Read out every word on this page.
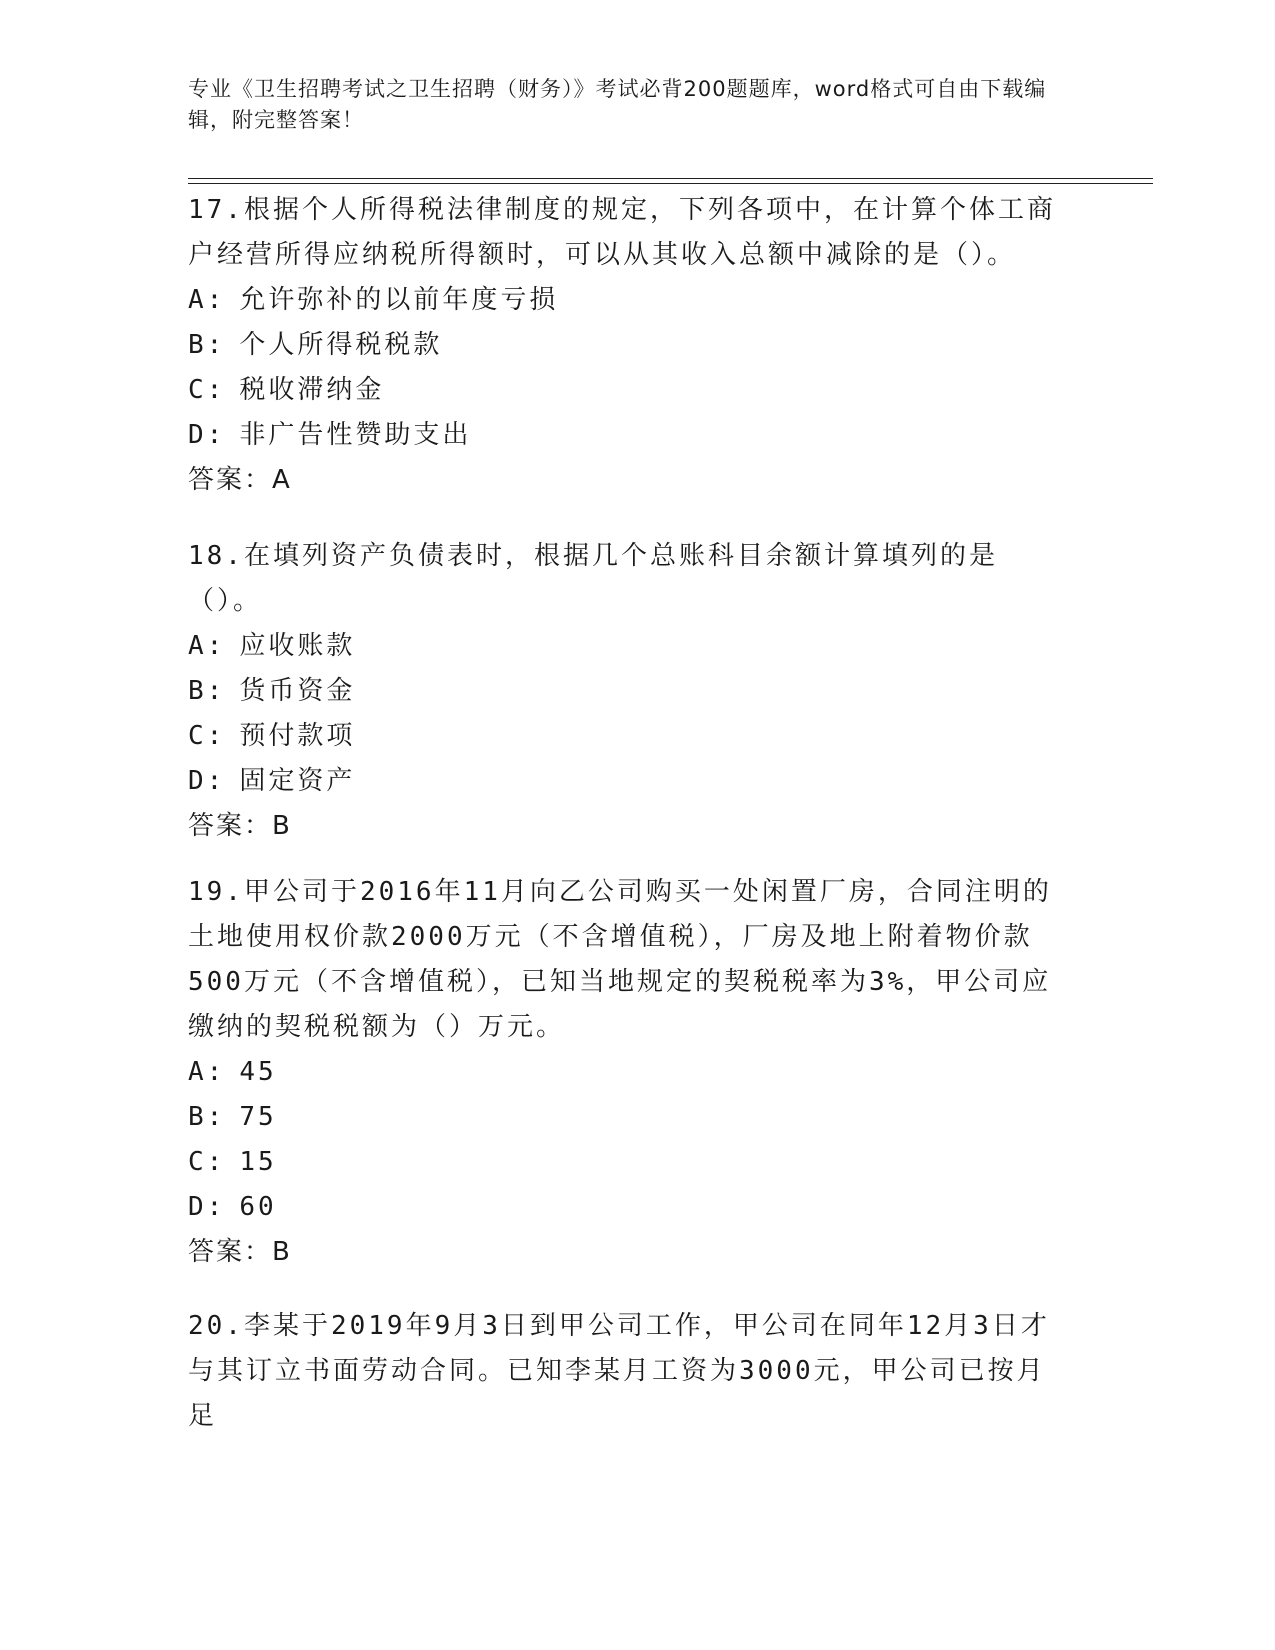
专业《卫生招聘考试之卫生招聘（财务）》考试必背200题题库，word格式可自由下载编辑，附完整答案！

17.根据个人所得税法律制度的规定，下列各项中，在计算个体工商户经营所得应纳税所得额时，可以从其收入总额中减除的是（）。

A: 允许弥补的以前年度亏损

B: 个人所得税税款

C: 税收滞纳金

D: 非广告性赞助支出

答案：A

18.在填列资产负债表时，根据几个总账科目余额计算填列的是（）。

A: 应收账款

B: 货币资金

C: 预付款项

D: 固定资产

答案：B

19.甲公司于2016年11月向乙公司购买一处闲置厂房，合同注明的土地使用权价款2000万元（不含增值税），厂房及地上附着物价款500万元（不含增值税），已知当地规定的契税税率为3%，甲公司应缴纳的契税税额为（）万元。

A: 45

B: 75

C: 15

D: 60

答案：B

20.李某于2019年9月3日到甲公司工作，甲公司在同年12月3日才与其订立书面劳动合同。已知李某月工资为3000元，甲公司已按月足
